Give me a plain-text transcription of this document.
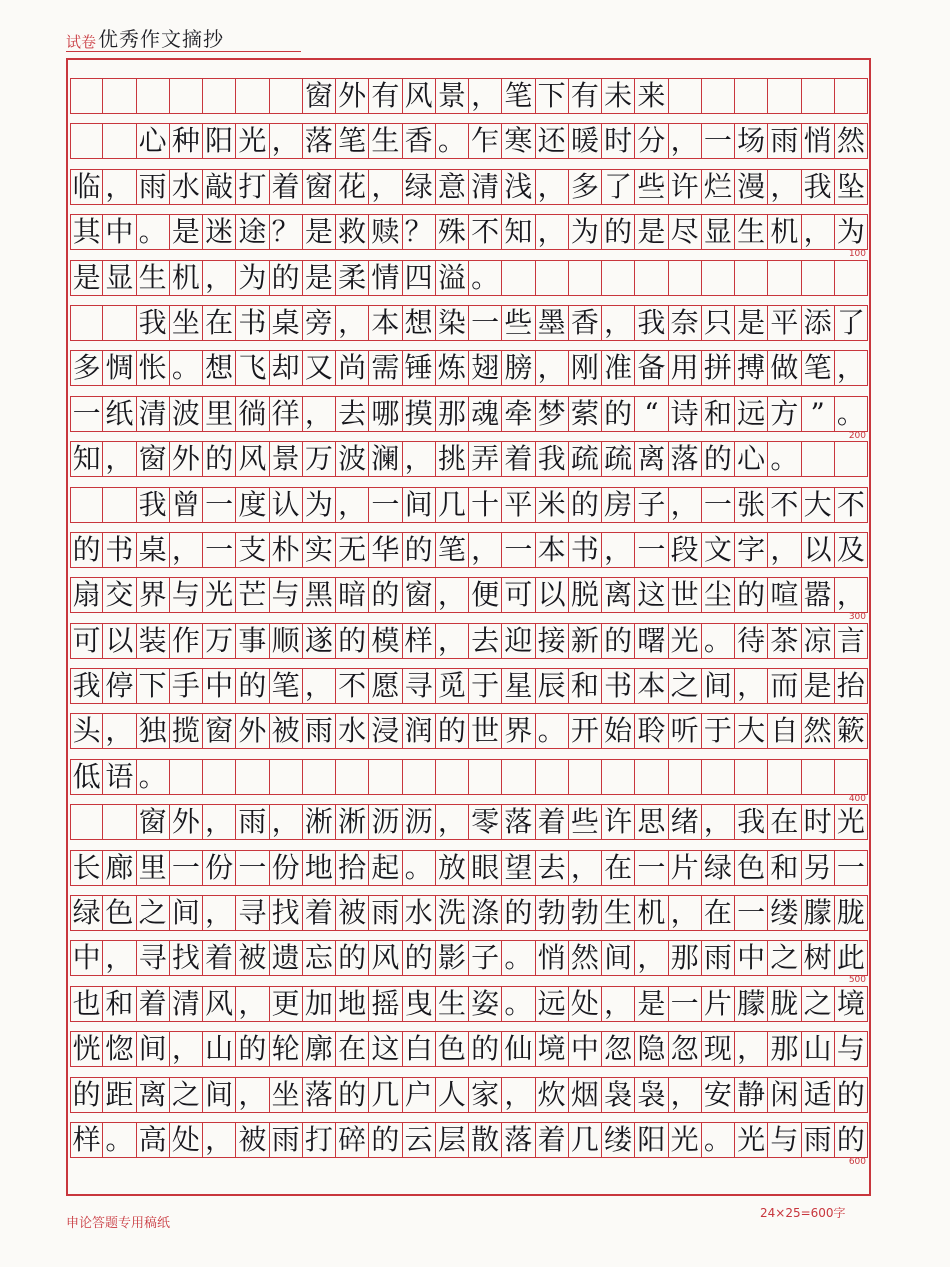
试卷 优秀作文摘抄
窗 外 有 风 景 ， 笔 下 有 未 来
心 种 阳 光 ， 落 笔 生 香 。 乍 寒 还 暖 时 分 ， 一 场 雨 悄 然
临 ， 雨 水 敲 打 着 窗 花 ， 绿 意 清 浅 ， 多 了 些 许 烂 漫 ， 我 坠
其 中 。 是 迷 途 ？ 是 救 赎 ？ 殊 不 知 ， 为 的 是 尽 显 生 机 ， 为
100
是 显 生 机 ， 为 的 是 柔 情 四 溢 。
我 坐 在 书 桌 旁 ， 本 想 染 一 些 墨 香 ， 我 奈 只 是 平 添 了
多 惆 怅 。 想 飞 却 又 尚 需 锤 炼 翅 膀 ， 刚 准 备 用 拼 搏 做 笔 ，
一 纸 清 波 里 徜 徉 ， 去 哪 摸 那 魂 牵 梦 萦 的 “ 诗 和 远 方 ” 。
200
知 ， 窗 外 的 风 景 万 波 澜 ， 挑 弄 着 我 疏 疏 离 落 的 心 。
我 曾 一 度 认 为 ， 一 间 几 十 平 米 的 房 子 ， 一 张 不 大 不
的 书 桌 ， 一 支 朴 实 无 华 的 笔 ， 一 本 书 ， 一 段 文 字 ， 以 及
扇 交 界 与 光 芒 与 黑 暗 的 窗 ， 便 可 以 脱 离 这 世 尘 的 喧 嚣 ，
300
可 以 装 作 万 事 顺 遂 的 模 样 ， 去 迎 接 新 的 曙 光 。 待 茶 凉 言
我 停 下 手 中 的 笔 ， 不 愿 寻 觅 于 星 辰 和 书 本 之 间 ， 而 是 抬
头 ， 独 揽 窗 外 被 雨 水 浸 润 的 世 界 。 开 始 聆 听 于 大 自 然 簌
低 语 。
400
窗 外 ， 雨 ， 淅 淅 沥 沥 ， 零 落 着 些 许 思 绪 ， 我 在 时 光
长 廊 里 一 份 一 份 地 拾 起 。 放 眼 望 去 ， 在 一 片 绿 色 和 另 一
绿 色 之 间 ， 寻 找 着 被 雨 水 洗 涤 的 勃 勃 生 机 ， 在 一 缕 朦 胧
中 ， 寻 找 着 被 遗 忘 的 风 的 影 子 。 悄 然 间 ， 那 雨 中 之 树 此
500
也 和 着 清 风 ， 更 加 地 摇 曳 生 姿 。 远 处 ， 是 一 片 朦 胧 之 境
恍 惚 间 ， 山 的 轮 廓 在 这 白 色 的 仙 境 中 忽 隐 忽 现 ， 那 山 与
的 距 离 之 间 ， 坐 落 的 几 户 人 家 ， 炊 烟 袅 袅 ， 安 静 闲 适 的
样 。 高 处 ， 被 雨 打 碎 的 云 层 散 落 着 几 缕 阳 光 。 光 与 雨 的
600
申论答题专用稿纸
24×25=600字
